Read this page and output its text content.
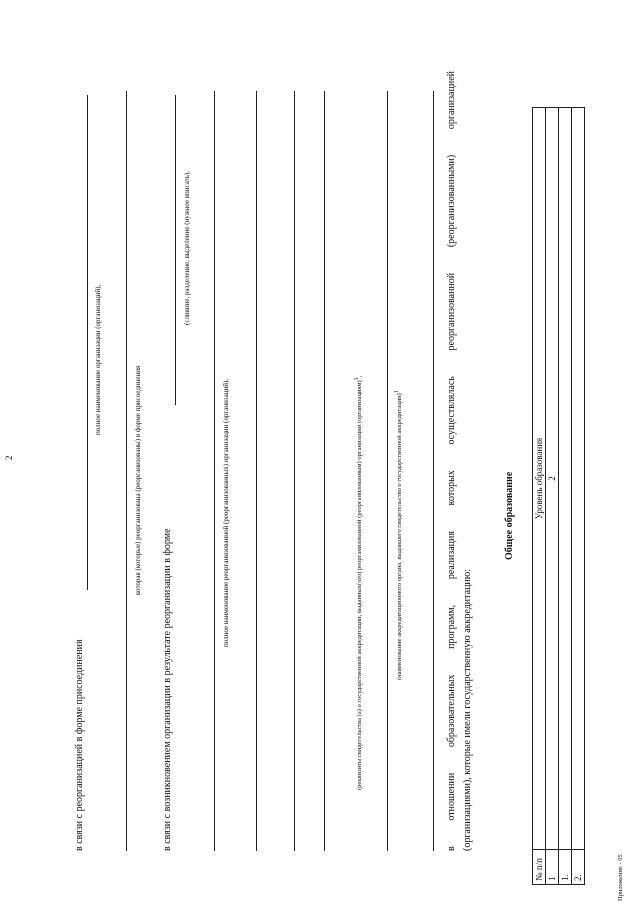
2
в связи с реорганизацией в форме присоединения
полное наименование организации (организаций),
которая (которые) реорганизована (реорганизованы) в форме присоединения
в связи с возникновением организации в результате реорганизации в форме
(слияние, разделение, выделение (нужное вписать),
полное наименование реорганизованной (реорганизованных) организации (организаций),	(реквизиты свидетельства (а) о государственной аккредитации, выданных(ого) реорганизованной (реорганизованным) организации (организациям)$^1$,
(наименование аккредитационного органа, выдавшего свидетельство о государственной аккредитации)$^1$	в отношении образовательных программ, реализация которых осуществлялась реорганизованной (реорганизованными) организацией (организациями), которые имели государственную аккредитацию:
Общее образование
№ п/п	Уровень образования
1	2
1.	
2.		Приложение - 05
